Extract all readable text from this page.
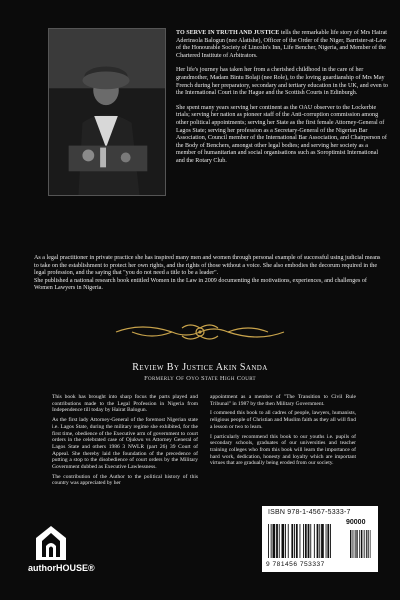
TO SERVE IN TRUTH AND JUSTICE tells the remarkable life story of Mrs Hairat Aderinsola Balogun (nee Alatishe), Officer of the Order of the Niger, Barrister-at-Law of the Honourable Society of Lincoln's Inn, Life Bencher, Nigeria, and Member of the Chartered Institute of Arbitrators.

Her life's journey has taken her from a cherished childhood in the care of her grandmother, Madam Bintu Bolaji (nee Role), to the loving guardianship of Mrs May French during her preparatory, secondary and tertiary education in the UK, and even to the International Court in the Hague and the Scottish Courts in Edinburgh.

She spent many years serving her continent as the OAU observer to the Lockerbie trials; serving her nation as pioneer staff of the Anti-corruption commission among other political appointments; serving her State as the first female Attorney-General of Lagos State; serving her profession as a Secretary-General of the Nigerian Bar Association, Council member of the International Bar Association, and Chairperson of the Body of Benchers, amongst other legal bodies; and serving her society as a member of humanitarian and social organisations such as Soroptimist International and the Rotary Club.

As a legal practitioner in private practice she has inspired many men and women through personal example of successful using judicial means to take on the establishment to protect her own rights, and the rights of those without a voice. She also embodies the decorum required in the legal profession, and the saying that "you do not need a title to be a leader".

She published a national research book entitled Women in the Law in 2009 documenting the motivations, experiences, and challenges of Women Lawyers in Nigeria.

Review By Justice Akin Sanda
Formerly Of Oyo State High Court

This book has brought into sharp focus the parts played and contributions made to the Legal Profession in Nigeria from Independence till today by Hairat Balogun.

As the first lady Attorney-General of the foremost Nigerian state i.e. Lagos State, during the military regime she exhibited, for the first time, obedience of the Executive arm of government to court orders in the celebrated case of Ojukwu vs Attorney General of Lagos State and others 1986 3 NWLR (part 26) 39 Court of Appeal. She thereby laid the foundation of the precedence of putting a stop to the disobedience of court orders by the Military Government dubbed as Executive Lawlessness.

The contribution of the Author to the political history of this country was appreciated by her

appointment as a member of "The Transition to Civil Rule Tribunal" in 1987 by the then Military Government.

I commend this book to all cadres of people, lawyers, humanists, religious people of Christian and Muslim faith as they all will find a lesson or two to learn.

I particularly recommend this book to our youths i.e. pupils of secondary schools, graduates of our universities and teacher training colleges who from this book will learn the importance of hard work, dedication, honesty and loyalty which are important virtues that are gradually being eroded from our society.

authorHOUSE®
ISBN 978-1-4567-5333-7
90000
9 781456 753337
